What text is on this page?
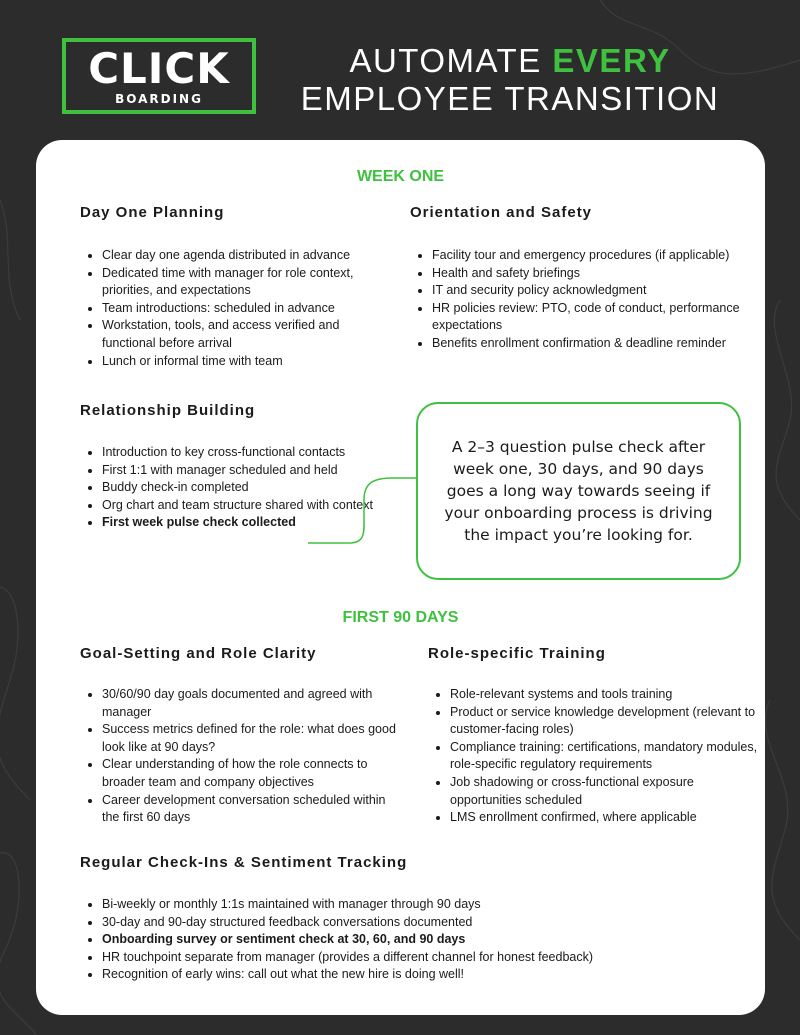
CLICK
BOARDING
AUTOMATE EVERY
EMPLOYEE TRANSITION
WEEK ONE
Day One Planning
• Clear day one agenda distributed in advance
• Dedicated time with manager for role context, priorities, and expectations
• Team introductions: scheduled in advance
• Workstation, tools, and access verified and functional before arrival
• Lunch or informal time with team
Orientation and Safety
• Facility tour and emergency procedures (if applicable)
• Health and safety briefings
• IT and security policy acknowledgment
• HR policies review: PTO, code of conduct, performance expectations
• Benefits enrollment confirmation & deadline reminder
Relationship Building
• Introduction to key cross-functional contacts
• First 1:1 with manager scheduled and held
• Buddy check-in completed
• Org chart and team structure shared with context
• First week pulse check collected
FIRST 90 DAYS
Goal-Setting and Role Clarity
• 30/60/90 day goals documented and agreed with manager
• Success metrics defined for the role: what does good look like at 90 days?
• Clear understanding of how the role connects to broader team and company objectives
• Career development conversation scheduled within the first 60 days
Role-specific Training
• Role-relevant systems and tools training
• Product or service knowledge development (relevant to customer-facing roles)
• Compliance training: certifications, mandatory modules, role-specific regulatory requirements
• Job shadowing or cross-functional exposure opportunities scheduled
• LMS enrollment confirmed, where applicable
Regular Check-Ins & Sentiment Tracking
• Bi-weekly or monthly 1:1s maintained with manager through 90 days
• 30-day and 90-day structured feedback conversations documented
• Onboarding survey or sentiment check at 30, 60, and 90 days
• HR touchpoint separate from manager (provides a different channel for honest feedback)
• Recognition of early wins: call out what the new hire is doing well!
A 2–3 question pulse check after week one, 30 days, and 90 days goes a long way towards seeing if your onboarding process is driving the impact you’re looking for.
